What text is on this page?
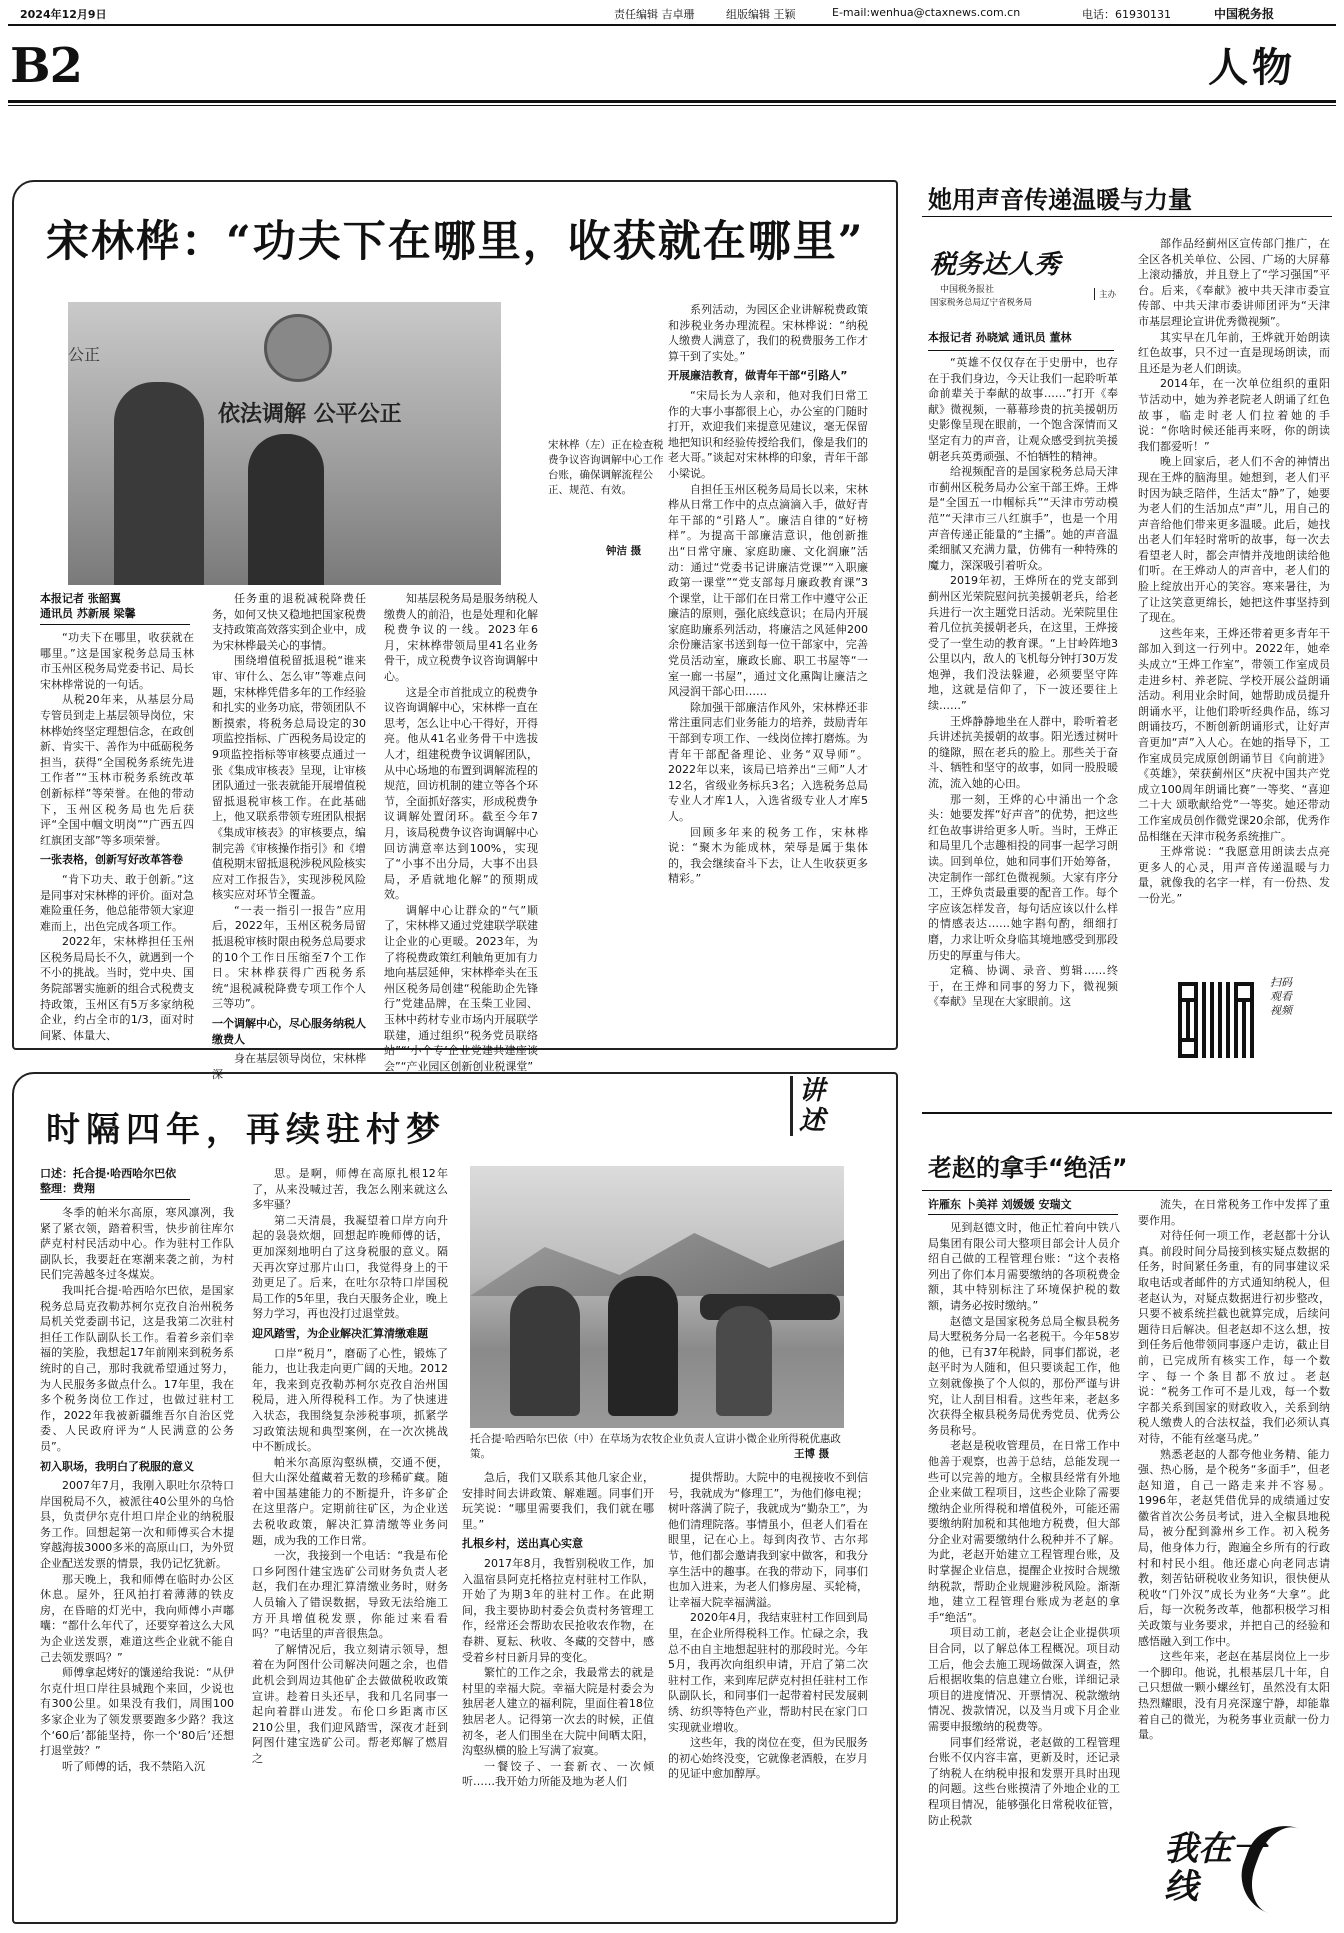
2024年12月9日	责任编辑 吉卓珊	组版编辑 王颖	E-mail:wenhua@ctaxnews.com.cn	电话：61930131	中国税务报
B2	人物
宋林桦：“功夫下在哪里，收获就在哪里”
依法调解 公平公正
公正
宋林桦（左）正在检查税费争议咨询调解中心工作台账，确保调解流程公正、规范、有效。
钟洁 摄
本报记者 张韶翼
通讯员 苏新展 梁馨

“功夫下在哪里，收获就在哪里。”这是国家税务总局玉林市玉州区税务局党委书记、局长宋林桦常说的一句话。

从税20年来，从基层分局专管员到走上基层领导岗位，宋林桦始终坚定理想信念，在政创新、肯实干、善作为中砥砺税务担当，获得“全国税务系统先进工作者”“玉林市税务系统改革创新标样”等荣誉。在他的带动下，玉州区税务局也先后获评“全国中帼文明岗”“广西五四红旗团支部”等多项荣誉。

一张表格，创新写好改革答卷

“肯下功夫、敢于创新。”这是同事对宋林桦的评价。面对急难险重任务，他总能带领大家迎难而上，出色完成各项工作。

2022年，宋林桦担任玉州区税务局局长不久，就遇到一个不小的挑战。当时，党中央、国务院部署实施新的组合式税费支持政策，玉州区有5万多家纳税企业，约占全市的1/3，面对时间紧、体量大、

任务重的退税减税降费任务，如何又快又稳地把国家税费支持政策高效落实到企业中，成为宋林桦最关心的事情。

围绕增值税留抵退税“谁来审、审什么、怎么审”等难点问题，宋林桦凭借多年的工作经验和扎实的业务功底，带领团队不断摸索，将税务总局设定的30项监控指标、广西税务局设定的9项监控指标等审核要点通过一张《集成审核表》呈现，让审核团队通过一张表就能开展增值税留抵退税审核工作。在此基础上，他又联系带领专班团队根据《集成审核表》的审核要点，编制完善《审核操作指引》和《增值税期末留抵退税涉税风险核实应对工作报告》，实现涉税风险核实应对环节全覆盖。

“一表一指引一报告”应用后，2022年，玉州区税务局留抵退税审核时限由税务总局要求的10个工作日压缩至7个工作日。宋林桦获得广西税务系统“退税减税降费专项工作个人三等功”。

一个调解中心，尽心服务纳税人缴费人

身在基层领导岗位，宋林桦深

知基层税务局是服务纳税人缴费人的前沿，也是处理和化解税费争议的一线。2023年6月，宋林桦带领局里41名业务骨干，成立税费争议咨询调解中心。

这是全市首批成立的税费争议咨询调解中心，宋林桦一直在思考，怎么让中心干得好，开得亮。他从41名业务骨干中选拔人才，组建税费争议调解团队，从中心场地的布置到调解流程的规范，回访机制的建立等各个环节，全面抓好落实，形成税费争议调解处置闭环。截至今年7月，该局税费争议咨询调解中心回访满意率达到100%，实现了“小事不出分局，大事不出县局，矛盾就地化解”的预期成效。

调解中心让群众的“气”顺了，宋林桦又通过党建联学联建让企业的心更暖。2023年，为了将税费政策红利触角更加有力地向基层延伸，宋林桦牵头在玉州区税务局创建“税能助企先锋行”党建品牌，在玉柴工业园、玉林中药材专业市场内开展联学联建，通过组织“税务党员联络站”“‘小个专’企业党建共建座谈会”“产业园区创新创业税课堂”

系列活动，为园区企业讲解税费政策和涉税业务办理流程。宋林桦说：“纳税人缴费人满意了，我们的税费服务工作才算干到了实处。”

开展廉洁教育，做青年干部“引路人”

“宋局长为人亲和，他对我们日常工作的大事小事都很上心，办公室的门随时打开，欢迎我们来提意见建议，毫无保留地把知识和经验传授给我们，像是我们的老大哥。”谈起对宋林桦的印象，青年干部小梁说。

自担任玉州区税务局局长以来，宋林桦从日常工作中的点点滴滴入手，做好青年干部的“引路人”。廉洁自律的“好榜样”。为提高干部廉洁意识，他创新推出“日常守廉、家庭助廉、文化润廉”活动：通过“党委书记讲廉洁党课”“入职廉政第一课堂”“党支部每月廉政教育课”3个课堂，让干部们在日常工作中遵守公正廉洁的原则，强化底线意识；在局内开展家庭助廉系列活动，将廉洁之风延伸200余份廉洁家书送到每一位干部家中，完善党员活动室，廉政长廊、职工书屋等“一室一廊一书屋”，通过文化熏陶让廉洁之风浸润干部心田……

除加强干部廉洁作风外，宋林桦还非常注重同志们业务能力的培养，鼓励青年干部到专项工作、一线岗位摔打磨炼。为青年干部配备理论、业务“双导师”。2022年以来，该局已培养出“三师”人才12名，省级业务标兵3名；入选税务总局专业人才库1人，入选省级专业人才库5人。

回顾多年来的税务工作，宋林桦说：“聚木为能成林，荣辱是属于集体的，我会继续奋斗下去，让人生收获更多精彩。”

时隔四年，再续驻村梦
讲述
口述：托合提·哈西哈尔巴依
整理：费翔
托合提·哈西哈尔巴依（中）在草场为农牧企业负责人宣讲小微企业所得税优惠政策。	王博 摄

冬季的帕米尔高原，寒风凛冽，我紧了紧衣领，踏着积雪，快步前往库尔萨克村村民活动中心。作为驻村工作队副队长，我要赶在寒潮来袭之前，为村民们完善越冬过冬煤炭。

我叫托合提·哈西哈尔巴依，是国家税务总局克孜勒苏柯尔克孜自治州税务局机关党委副书记，这是我第二次驻村担任工作队副队长工作。看着乡亲们幸福的笑脸，我想起17年前刚来到税务系统时的自己，那时我就希望通过努力，为人民服务多做点什么。17年里，我在多个税务岗位工作过，也做过驻村工作，2022年我被新疆维吾尔自治区党委、人民政府评为“人民满意的公务员”。

初入职场，我明白了税服的意义

2007年7月，我刚入职吐尔尕特口岸国税局不久，被派往40公里外的乌恰县，负责伊尔克什坦口岸企业的纳税服务工作。回想起第一次和师傅买合木提穿越海拔3000多米的高原山口，为外贸企业配送发票的情景，我仍记忆犹新。

那天晚上，我和师傅在临时办公区休息。屋外，狂风拍打着薄薄的铁皮房，在昏暗的灯光中，我向师傅小声嘟囔：“都什么年代了，还要穿着这么大风为企业送发票，难道这些企业就不能自己去领发票吗？”

师傅拿起烤好的馕递给我说：“从伊尔克什坦口岸往县城跑个来回，少说也有300公里。如果没有我们，周围100多家企业为了领发票要跑多少路？我这个‘60后’都能坚持，你一个‘80后’还想打退堂鼓？”

听了师傅的话，我不禁陷入沉

思。是啊，师傅在高原扎根12年了，从来没喊过苦，我怎么刚来就这么多牢骚？

第二天清晨，我凝望着口岸方向升起的袅袅炊烟，回想起昨晚师傅的话，更加深刻地明白了这身税服的意义。隔天再次穿过那片山口，我觉得身上的干劲更足了。后来，在吐尔尕特口岸国税局工作的5年里，我白天服务企业，晚上努力学习，再也没打过退堂鼓。

迎风踏雪，为企业解决汇算清缴难题

口岸“税月”，磨砺了心性，锻炼了能力，也让我走向更广阔的天地。2012年，我来到克孜勒苏柯尔克孜自治州国税局，进入所得税科工作。为了快速进入状态，我围绕复杂涉税事项，抓紧学习政策法规和典型案例，在一次次挑战中不断成长。

帕米尔高原沟壑纵横，交通不便，但大山深处蕴藏着无数的珍稀矿藏。随着中国基建能力的不断提升，许多矿企在这里落户。定期前往矿区，为企业送去税收政策，解决汇算清缴等业务问题，成为我的工作日常。

一次，我接到一个电话：“我是布伦口乡阿图什建宝选矿公司财务负责人老赵，我们在办理汇算清缴业务时，财务人员输入了错误数据，导致无法给施工方开具增值税发票，你能过来看看吗？”电话里的声音很焦急。

了解情况后，我立刻请示领导，想着在为阿图什公司解决问题之余，也借此机会到周边其他矿企去做做税收政策宣讲。趁着日头还早，我和几名同事一起向着群山进发。布伦口乡距离市区210公里，我们迎风踏雪，深夜才赶到阿图什建宝选矿公司。帮老郑解了燃眉之

急后，我们又联系其他几家企业，安排时间去讲政策、解难题。同事们开玩笑说：“哪里需要我们，我们就在哪里。”

扎根乡村，送出真心实意

2017年8月，我暂别税收工作，加入温宿县阿克托格拉克村驻村工作队，开始了为期3年的驻村工作。在此期间，我主要协助村委会负责村务管理工作，经常还会帮助农民抢收农作物，在春耕、夏耘、秋收、冬藏的交替中，感受着乡村日新月异的变化。

繁忙的工作之余，我最常去的就是村里的幸福大院。幸福大院是村委会为独居老人建立的福利院，里面住着18位独居老人。记得第一次去的时候，正值初冬，老人们围坐在大院中间晒太阳，沟壑纵横的脸上写满了寂寞。

一餐饺子、一套新衣、一次倾听……我开始力所能及地为老人们

提供帮助。大院中的电视接收不到信号，我就成为“修理工”，为他们修电视；树叶落满了院子，我就成为“勤杂工”，为他们清理院落。事情虽小，但老人们看在眼里，记在心上。每到肉孜节、古尔邦节，他们都会邀请我到家中做客，和我分享生活中的趣事。在我的带动下，同事们也加入进来，为老人们修房屋、买轮椅，让幸福大院幸福满溢。

2020年4月，我结束驻村工作回到局里，在企业所得税科工作。忙碌之余，我总不由自主地想起驻村的那段时光。今年5月，我再次向组织申请，开启了第二次驻村工作，来到库尼萨克村担任驻村工作队副队长，和同事们一起带着村民发展刺绣、纺织等特色产业，帮助村民在家门口实现就业增收。

这些年，我的岗位在变，但为民服务的初心始终没变，它就像老酒般，在岁月的见证中愈加醇厚。

她用声音传递温暖与力量
税务达人秀
中国税务报社
国家税务总局辽宁省税务局
主办
本报记者 孙晓斌 通讯员 董林

“英雄不仅仅存在于史册中，也存在于我们身边，今天让我们一起聆听革命前辈关于奉献的故事……”打开《奉献》微视频，一幕幕珍贵的抗美援朝历史影像呈现在眼前，一个饱含深情而又坚定有力的声音，让观众感受到抗美援朝老兵英勇顽强、不怕牺牲的精神。

给视频配音的是国家税务总局天津市蓟州区税务局办公室干部王烨。王烨是“全国五一巾帼标兵”“天津市劳动模范”“天津市三八红旗手”，也是一个用声音传递正能量的“主播”。她的声音温柔细腻又充满力量，仿佛有一种特殊的魔力，深深吸引着听众。

2019年初，王烨所在的党支部到蓟州区光荣院慰问抗美援朝老兵，给老兵进行一次主题党日活动。光荣院里住着几位抗美援朝老兵，在这里，王烨接受了一堂生动的教育课。“上甘岭阵地3公里以内，敌人的飞机每分钟打30万发炮弹，我们没法躲避，必须要坚守阵地，这就是信仰了，下一波还要往上续……”

王烨静静地坐在人群中，聆听着老兵讲述抗美援朝的故事。阳光透过树叶的缝隙，照在老兵的脸上。那些关于奋斗、牺牲和坚守的故事，如同一股股暖流，流入她的心田。

那一刻，王烨的心中涌出一个念头：她要发挥“好声音”的优势，把这些红色故事讲给更多人听。当时，王烨正和局里几个志趣相投的同事一起学习朗读。回到单位，她和同事们开始筹备，决定制作一部红色微视频。大家有序分工，王烨负责最重要的配音工作。每个字应该怎样发音，每句话应该以什么样的情感表达……她字斟句酌，细细打磨，力求让听众身临其境地感受到那段历史的厚重与伟大。

定稿、协调、录音、剪辑……终于，在王烨和同事的努力下，微视频《奉献》呈现在大家眼前。这

部作品经蓟州区宣传部门推广，在全区各机关单位、公园、广场的大屏幕上滚动播放，并且登上了“学习强国”平台。后来，《奉献》被中共天津市委宣传部、中共天津市委讲师团评为“天津市基层理论宣讲优秀微视频”。

其实早在几年前，王烨就开始朗读红色故事，只不过一直是现场朗读，而且还是为老人们朗读。

2014年，在一次单位组织的重阳节活动中，她为养老院老人朗诵了红色故事，临走时老人们拉着她的手说：“你啥时候还能再来呀，你的朗读我们都爱听！”

晚上回家后，老人们不舍的神情出现在王烨的脑海里。她想到，老人们平时因为缺乏陪伴，生活太“静”了，她要为老人们的生活加点“声”儿，用自己的声音给他们带来更多温暖。此后，她找出老人们年轻时常听的故事，每一次去看望老人时，都会声情并茂地朗读给他们听。在王烨动人的声音中，老人们的脸上绽放出开心的笑容。寒来暑往，为了让这笑意更绵长，她把这件事坚持到了现在。

这些年来，王烨还带着更多青年干部加入到这一行列中。2022年，她牵头成立“王烨工作室”，带领工作室成员走进乡村、养老院、学校开展公益朗诵活动。利用业余时间，她帮助成员提升朗诵水平，让他们聆听经典作品，练习朗诵技巧，不断创新朗诵形式，让好声音更加“声”入人心。在她的指导下，工作室成员完成原创朗诵节目《向前进》《英雄》，荣获蓟州区“庆祝中国共产党成立100周年朗诵比赛”一等奖、“喜迎二十大 颂歌献给党”一等奖。她还带动工作室成员创作微党课20余部，优秀作品相继在天津市税务系统推广。

王烨常说：“我愿意用朗读去点亮更多人的心灵，用声音传递温暖与力量，就像我的名字一样，有一份热、发一份光。”

扫码观看视频
老赵的拿手“绝活”
许雁东 卜美祥 刘媛媛 安瑞文

见到赵德文时，他正忙着向中铁八局集团有限公司大整项目部会计人员介绍自己做的工程管理台账：“这个表格列出了你们本月需要缴纳的各项税费金额，其中特别标注了环境保护税的数额，请务必按时缴纳。”

赵德文是国家税务总局全椒县税务局大墅税务分局一名老税干。今年58岁的他，已有37年税龄，同事们都说，老赵平时为人随和，但只要谈起工作，他立刻就像换了个人似的，那份严谨与讲究，让人刮目相看。这些年来，老赵多次获得全椒县税务局优秀党员、优秀公务员称号。

老赵是税收管理员，在日常工作中他善于观察，也善于总结，总能发现一些可以完善的地方。全椒县经常有外地企业来做工程项目，这些企业除了需要缴纳企业所得税和增值税外，可能还需要缴纳附加税和其他地方税费，但大部分企业对需要缴纳什么税种并不了解。为此，老赵开始建立工程管理台账，及时掌握企业信息，提醒企业按时合规缴纳税款，帮助企业规避涉税风险。渐渐地，建立工程管理台账成为老赵的拿手“绝活”。

项目动工前，老赵会让企业提供项目合同，以了解总体工程概况。项目动工后，他会去施工现场做深入调查，然后根据收集的信息建立台账，详细记录项目的进度情况、开票情况、税款缴纳情况、拨款情况，以及当月或下月企业需要申报缴纳的税费等。

同事们经常说，老赵做的工程管理台账不仅内容丰富，更新及时，还记录了纳税人在纳税申报和发票开具时出现的问题。这些台账摸清了外地企业的工程项目情况，能够强化日常税收征管，防止税款

流失，在日常税务工作中发挥了重要作用。

对待任何一项工作，老赵都十分认真。前段时间分局接到核实疑点数据的任务，时间紧任务重，有的同事建议采取电话或者邮件的方式通知纳税人，但老赵认为，对疑点数据进行初步整改，只要不被系统拦截也就算完成，后续问题待日后解决。但老赵却不这么想，按到任务后他带领同事逐户走访，截止目前，已完成所有核实工作，每一个数字、每一个条目都不放过。老赵说：“税务工作可不是儿戏，每一个数字都关系到国家的财政收入，关系到纳税人缴费人的合法权益，我们必须认真对待，不能有丝毫马虎。”

熟悉老赵的人都夸他业务精、能力强、热心肠，是个税务“多面手”，但老赵知道，自己一路走来并不容易。1996年，老赵凭借优异的成绩通过安徽省首次公务员考试，进入全椒县地税局，被分配到滁州乡工作。初入税务局，他身体力行，跑遍全乡所有的行政村和村民小组。他还虚心向老同志请教，刻苦钻研税收业务知识，很快便从税收“门外汉”成长为业务“大拿”。此后，每一次税务改革，他都积极学习相关政策与业务要求，并把自己的经验和感悟融入到工作中。

这些年来，老赵在基层岗位上一步一个脚印。他说，扎根基层几十年，自己只想做一颗小螺丝钉，虽然没有太阳热烈耀眼，没有月亮深邃宁静，却能靠着自己的微光，为税务事业贡献一份力量。

我在一线
